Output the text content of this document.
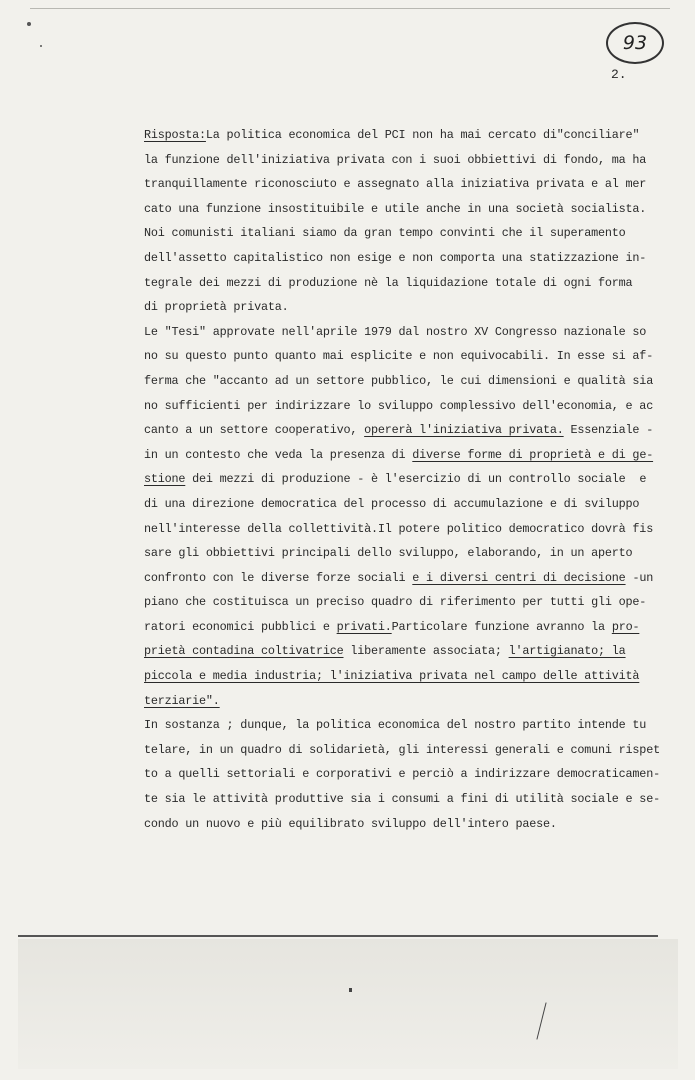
93
2.
Risposta:La politica economica del PCI non ha mai cercato di"conciliare"
la funzione dell'iniziativa privata con i suoi obbiettivi di fondo, ma ha
tranquillamente riconosciuto e assegnato alla iniziativa privata e al mer
cato una funzione insostituibile e utile anche in una società socialista.
Noi comunisti italiani siamo da gran tempo convinti che il superamento
dell'assetto capitalistico non esige e non comporta una statizzazione in-
tegrale dei mezzi di produzione nè la liquidazione totale di ogni forma
di proprietà privata.
Le "Tesi" approvate nell'aprile 1979 dal nostro XV Congresso nazionale so
no su questo punto quanto mai esplicite e non equivocabili. In esse si af-
ferma che "accanto ad un settore pubblico, le cui dimensioni e qualità sia
no sufficienti per indirizzare lo sviluppo complessivo dell'economia, e ac
canto a un settore cooperativo, opererà l'iniziativa privata. Essenziale -
in un contesto che veda la presenza di diverse forme di proprietà e di ge-
stione dei mezzi di produzione - è l'esercizio di un controllo sociale  e
di una direzione democratica del processo di accumulazione e di sviluppo
nell'interesse della collettività.Il potere politico democratico dovrà fis
sare gli obbiettivi principali dello sviluppo, elaborando, in un aperto
confronto con le diverse forze sociali e i diversi centri di decisione -un
piano che costituisca un preciso quadro di riferimento per tutti gli ope-
ratori economici pubblici e privati.Particolare funzione avranno la pro-
prietà contadina coltivatrice liberamente associata; l'artigianato; la
piccola e media industria; l'iniziativa privata nel campo delle attività
terziarie".
In sostanza ; dunque, la politica economica del nostro partito intende tu
telare, in un quadro di solidarietà, gli interessi generali e comuni rispet
to a quelli settoriali e corporativi e perciò a indirizzare democraticamen-
te sia le attività produttive sia i consumi a fini di utilità sociale e se-
condo un nuovo e più equilibrato sviluppo dell'intero paese.
